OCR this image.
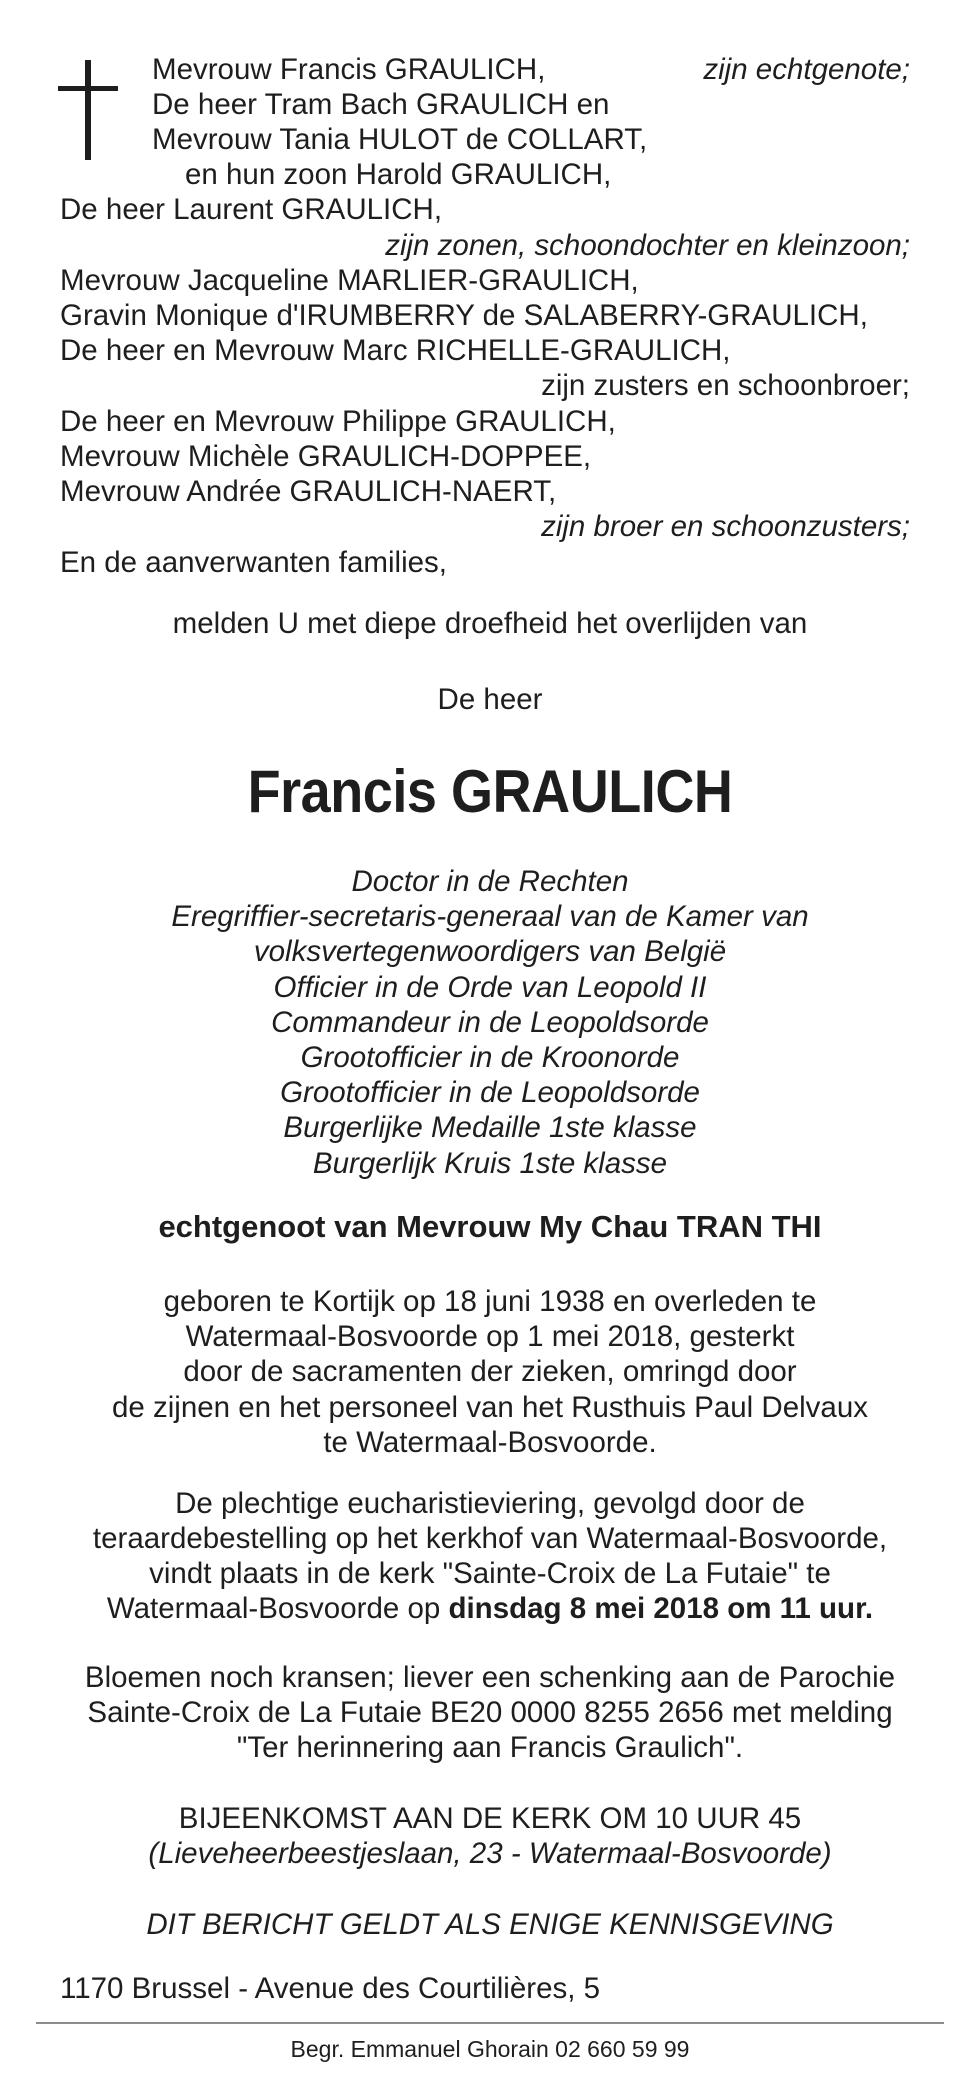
Mevrouw Francis GRAULICH,	zijn echtgenote;
De heer Tram Bach GRAULICH en
Mevrouw Tania HULOT de COLLART,
en hun zoon Harold GRAULICH,
De heer Laurent GRAULICH,
zijn zonen, schoondochter en kleinzoon;
Mevrouw Jacqueline MARLIER-GRAULICH,
Gravin Monique d'IRUMBERRY de SALABERRY-GRAULICH,
De heer en Mevrouw Marc RICHELLE-GRAULICH,
zijn zusters en schoonbroer;
De heer en Mevrouw Philippe GRAULICH,
Mevrouw Michèle GRAULICH-DOPPEE,
Mevrouw Andrée GRAULICH-NAERT,
zijn broer en schoonzusters;
En de aanverwanten families,
melden U met diepe droefheid het overlijden van
De heer
Francis GRAULICH
Doctor in de Rechten
Eregriffier-secretaris-generaal van de Kamer van
volksvertegenwoordigers van België
Officier in de Orde van Leopold II
Commandeur in de Leopoldsorde
Grootofficier in de Kroonorde
Grootofficier in de Leopoldsorde
Burgerlijke Medaille 1ste klasse
Burgerlijk Kruis 1ste klasse
echtgenoot van Mevrouw My Chau TRAN THI
geboren te Kortijk op 18 juni 1938 en overleden te
Watermaal-Bosvoorde op 1 mei 2018, gesterkt
door de sacramenten der zieken, omringd door
de zijnen en het personeel van het Rusthuis Paul Delvaux
te Watermaal-Bosvoorde.
De plechtige eucharistieviering, gevolgd door de
teraardebestelling op het kerkhof van Watermaal-Bosvoorde,
vindt plaats in de kerk "Sainte-Croix de La Futaie" te
Watermaal-Bosvoorde op dinsdag 8 mei 2018 om 11 uur.
Bloemen noch kransen; liever een schenking aan de Parochie
Sainte-Croix de La Futaie BE20 0000 8255 2656 met melding
"Ter herinnering aan Francis Graulich".
BIJEENKOMST AAN DE KERK OM 10 UUR 45
(Lieveheerbeestjeslaan, 23 - Watermaal-Bosvoorde)
DIT BERICHT GELDT ALS ENIGE KENNISGEVING
1170 Brussel - Avenue des Courtilières, 5
Begr. Emmanuel Ghorain 02 660 59 99
